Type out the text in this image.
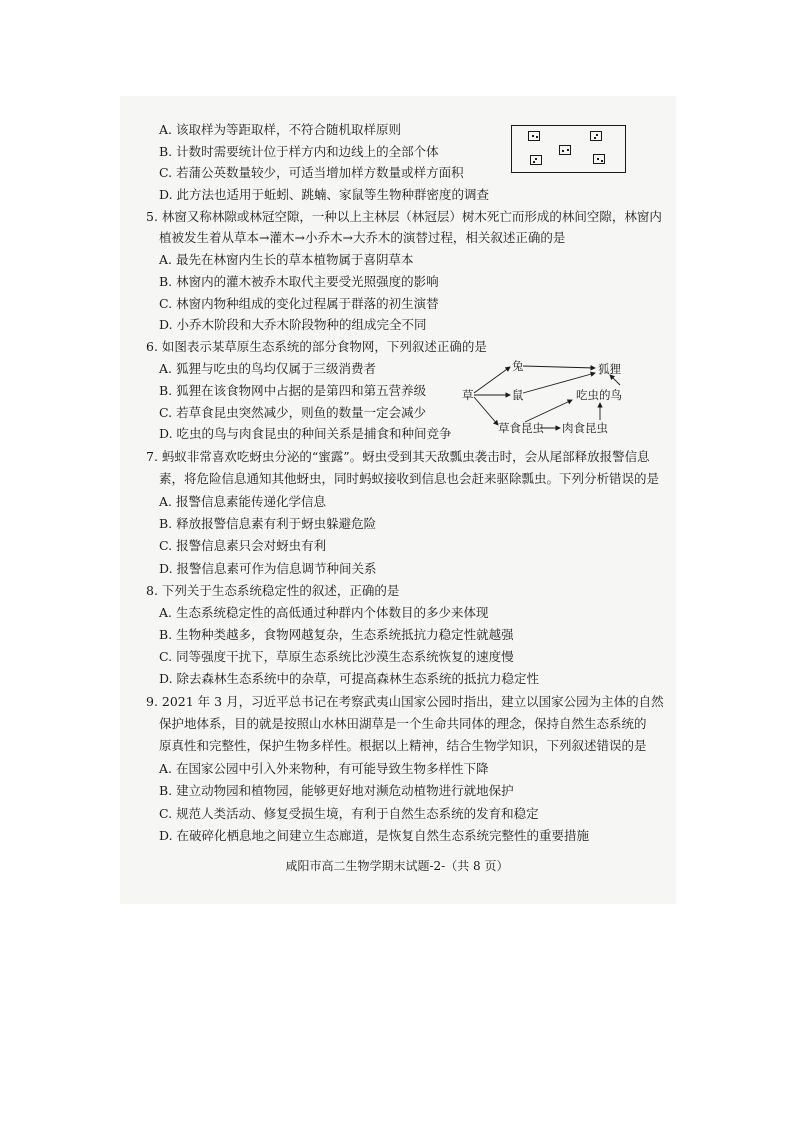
A. 该取样为等距取样，不符合随机取样原则
B. 计数时需要统计位于样方内和边线上的全部个体
C. 若蒲公英数量较少，可适当增加样方数量或样方面积
D. 此方法也适用于蚯蚓、跳蝻、家鼠等生物种群密度的调查
5. 林窗又称林隙或林冠空隙，一种以上主林层（林冠层）树木死亡而形成的林间空隙，林窗内
植被发生着从草本→灌木→小乔木→大乔木的演替过程，相关叙述正确的是
A. 最先在林窗内生长的草本植物属于喜阴草本
B. 林窗内的灌木被乔木取代主要受光照强度的影响
C. 林窗内物种组成的变化过程属于群落的初生演替
D. 小乔木阶段和大乔木阶段物种的组成完全不同
6. 如图表示某草原生态系统的部分食物网，下列叙述正确的是
A. 狐狸与吃虫的鸟均仅属于三级消费者
B. 狐狸在该食物网中占据的是第四和第五营养级
C. 若草食昆虫突然减少，则鱼的数量一定会减少
D. 吃虫的鸟与肉食昆虫的种间关系是捕食和种间竞争
草
兔
鼠
狐狸
吃虫的鸟
草食昆虫 肉食昆虫
7. 蚂蚁非常喜欢吃蚜虫分泌的“蜜露”。蚜虫受到其天敌瓢虫袭击时，会从尾部释放报警信息
素，将危险信息通知其他蚜虫，同时蚂蚁接收到信息也会赶来驱除瓢虫。下列分析错误的是
A. 报警信息素能传递化学信息
B. 释放报警信息素有利于蚜虫躲避危险
C. 报警信息素只会对蚜虫有利
D. 报警信息素可作为信息调节种间关系
8. 下列关于生态系统稳定性的叙述，正确的是
A. 生态系统稳定性的高低通过种群内个体数目的多少来体现
B. 生物种类越多，食物网越复杂，生态系统抵抗力稳定性就越强
C. 同等强度干扰下，草原生态系统比沙漠生态系统恢复的速度慢
D. 除去森林生态系统中的杂草，可提高森林生态系统的抵抗力稳定性
9. 2021 年 3 月，习近平总书记在考察武夷山国家公园时指出，建立以国家公园为主体的自然
保护地体系，目的就是按照山水林田湖草是一个生命共同体的理念，保持自然生态系统的
原真性和完整性，保护生物多样性。根据以上精神，结合生物学知识，下列叙述错误的是
A. 在国家公园中引入外来物种，有可能导致生物多样性下降
B. 建立动物园和植物园，能够更好地对濒危动植物进行就地保护
C. 规范人类活动、修复受损生境，有利于自然生态系统的发育和稳定
D. 在破碎化栖息地之间建立生态廊道，是恢复自然生态系统完整性的重要措施
咸阳市高二生物学期末试题-2-（共 8 页）
